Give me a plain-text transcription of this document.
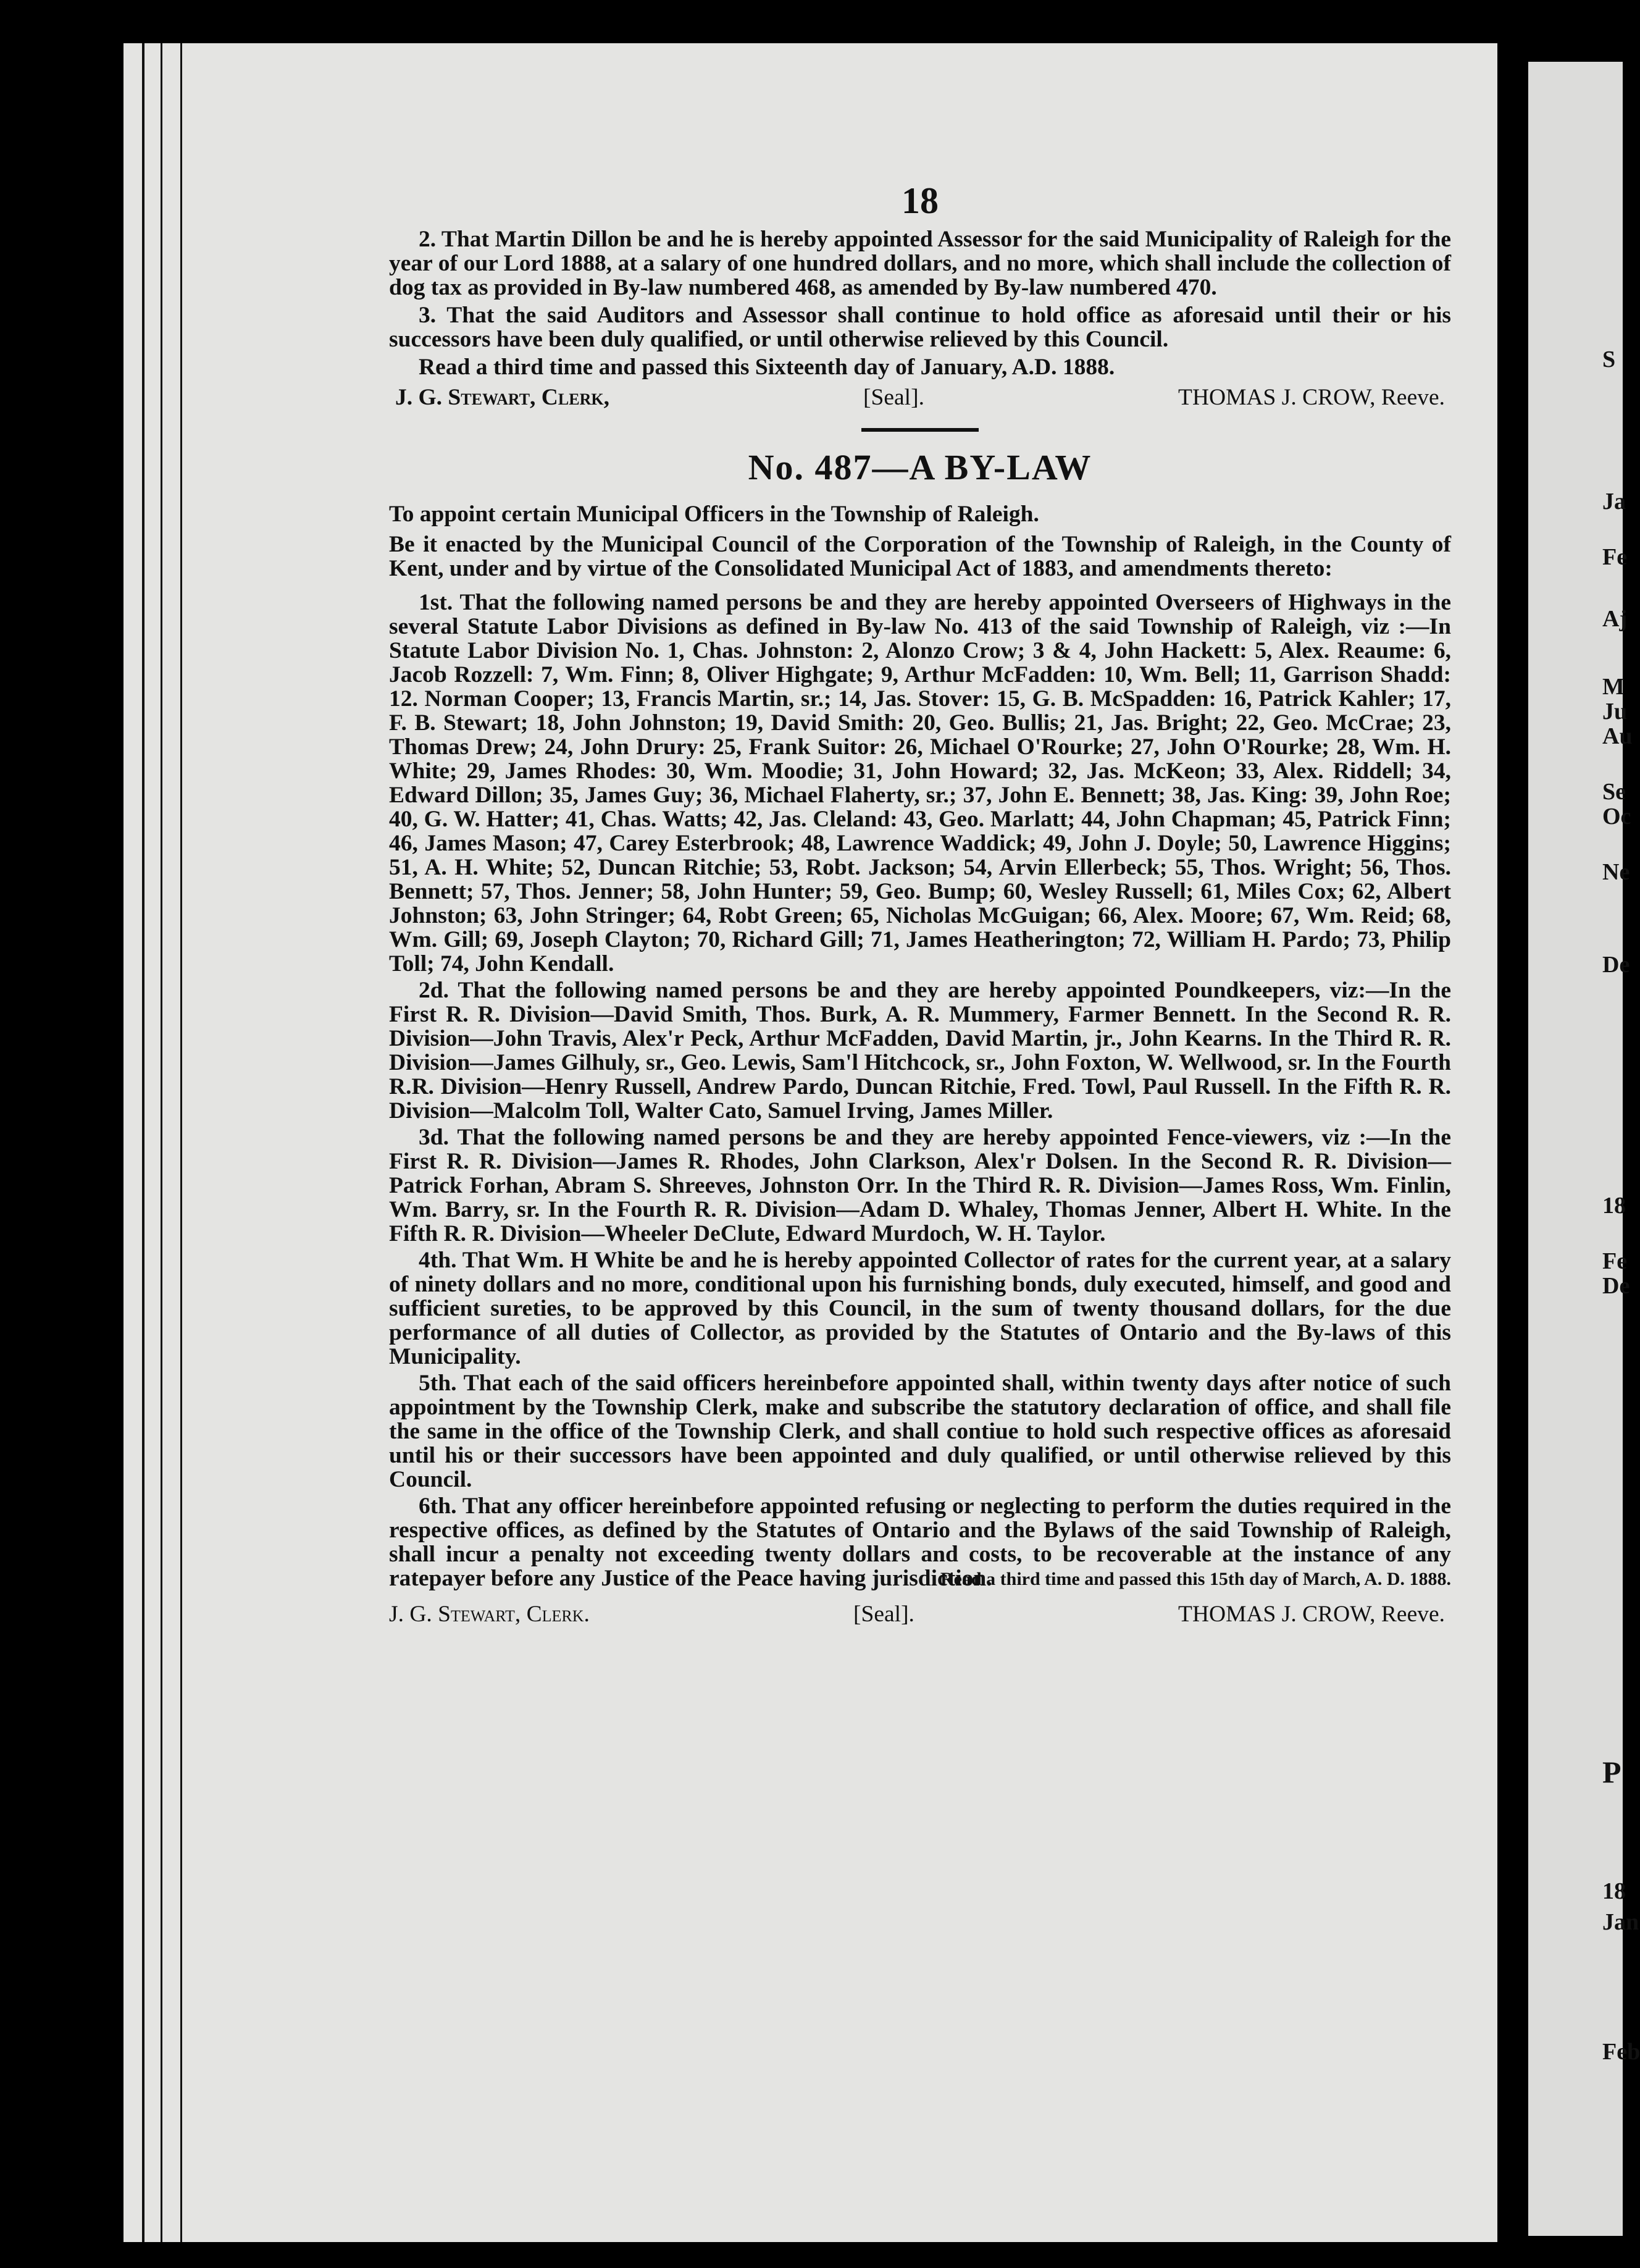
S
Ja
Fe
Aj
M
Ju
Au
Se
Oc
Ne
De
18
Fe
De
P
18
Jan
Feb
18

2. That Martin Dillon be and he is hereby appointed Assessor for the said Municipality of Raleigh for the year of our Lord 1888, at a salary of one hundred dollars, and no more, which shall include the collection of dog tax as provided in By-law numbered 468, as amended by By-law numbered 470.

3. That the said Auditors and Assessor shall continue to hold office as aforesaid until their or his successors have been duly qualified, or until otherwise relieved by this Council.

Read a third time and passed this Sixteenth day of January, A.D. 1888.
J. G. Stewart, Clerk,	[Seal].	THOMAS J. CROW, Reeve.
No. 487—A BY-LAW
To appoint certain Municipal Officers in the Township of Raleigh.
Be it enacted by the Municipal Council of the Corporation of the Township of Raleigh, in the County of Kent, under and by virtue of the Consolidated Municipal Act of 1883, and amendments thereto:

1st. That the following named persons be and they are hereby appointed Overseers of Highways in the several Statute Labor Divisions as defined in By-law No. 413 of the said Township of Raleigh, viz :—In Statute Labor Division No. 1, Chas. Johnston: 2, Alonzo Crow; 3 & 4, John Hackett: 5, Alex. Reaume: 6, Jacob Rozzell: 7, Wm. Finn; 8, Oliver Highgate; 9, Arthur McFadden: 10, Wm. Bell; 11, Garrison Shadd: 12. Norman Cooper; 13, Francis Martin, sr.; 14, Jas. Stover: 15, G. B. McSpadden: 16, Patrick Kahler; 17, F. B. Stewart; 18, John Johnston; 19, David Smith: 20, Geo. Bullis; 21, Jas. Bright; 22, Geo. McCrae; 23, Thomas Drew; 24, John Drury: 25, Frank Suitor: 26, Michael O'Rourke; 27, John O'Rourke; 28, Wm. H. White; 29, James Rhodes: 30, Wm. Moodie; 31, John Howard; 32, Jas. McKeon; 33, Alex. Riddell; 34, Edward Dillon; 35, James Guy; 36, Michael Flaherty, sr.; 37, John E. Bennett; 38, Jas. King: 39, John Roe; 40, G. W. Hatter; 41, Chas. Watts; 42, Jas. Cleland: 43, Geo. Marlatt; 44, John Chapman; 45, Patrick Finn; 46, James Mason; 47, Carey Esterbrook; 48, Lawrence Waddick; 49, John J. Doyle; 50, Lawrence Higgins; 51, A. H. White; 52, Duncan Ritchie; 53, Robt. Jackson; 54, Arvin Ellerbeck; 55, Thos. Wright; 56, Thos. Bennett; 57, Thos. Jenner; 58, John Hunter; 59, Geo. Bump; 60, Wesley Russell; 61, Miles Cox; 62, Albert Johnston; 63, John Stringer; 64, Robt Green; 65, Nicholas McGuigan; 66, Alex. Moore; 67, Wm. Reid; 68, Wm. Gill; 69, Joseph Clayton; 70, Richard Gill; 71, James Heatherington; 72, William H. Pardo; 73, Philip Toll; 74, John Kendall.

2d. That the following named persons be and they are hereby appointed Poundkeepers, viz:—In the First R. R. Division—David Smith, Thos. Burk, A. R. Mummery, Farmer Bennett. In the Second R. R. Division—John Travis, Alex'r Peck, Arthur McFadden, David Martin, jr., John Kearns. In the Third R. R. Division—James Gilhuly, sr., Geo. Lewis, Sam'l Hitchcock, sr., John Foxton, W. Wellwood, sr. In the Fourth R.R. Division—Henry Russell, Andrew Pardo, Duncan Ritchie, Fred. Towl, Paul Russell. In the Fifth R. R. Division—Malcolm Toll, Walter Cato, Samuel Irving, James Miller.

3d. That the following named persons be and they are hereby appointed Fence-viewers, viz :—In the First R. R. Division—James R. Rhodes, John Clarkson, Alex'r Dolsen. In the Second R. R. Division—Patrick Forhan, Abram S. Shreeves, Johnston Orr. In the Third R. R. Division—James Ross, Wm. Finlin, Wm. Barry, sr. In the Fourth R. R. Division—Adam D. Whaley, Thomas Jenner, Albert H. White. In the Fifth R. R. Division—Wheeler DeClute, Edward Murdoch, W. H. Taylor.

4th. That Wm. H White be and he is hereby appointed Collector of rates for the current year, at a salary of ninety dollars and no more, conditional upon his furnishing bonds, duly executed, himself, and good and sufficient sureties, to be approved by this Council, in the sum of twenty thousand dollars, for the due performance of all duties of Collector, as provided by the Statutes of Ontario and the By-laws of this Municipality.

5th. That each of the said officers hereinbefore appointed shall, within twenty days after notice of such appointment by the Township Clerk, make and subscribe the statutory declaration of office, and shall file the same in the office of the Township Clerk, and shall contiue to hold such respective offices as aforesaid until his or their successors have been appointed and duly qualified, or until otherwise relieved by this Council.

6th. That any officer hereinbefore appointed refusing or neglecting to perform the duties required in the respective offices, as defined by the Statutes of Ontario and the Bylaws of the said Township of Raleigh, shall incur a penalty not exceeding twenty dollars and costs, to be recoverable at the instance of any ratepayer before any Justice of the Peace having jurisdiction.

Read a third time and passed this 15th day of March, A. D. 1888.
J. G. Stewart, Clerk.	[Seal].	THOMAS J. CROW, Reeve.
